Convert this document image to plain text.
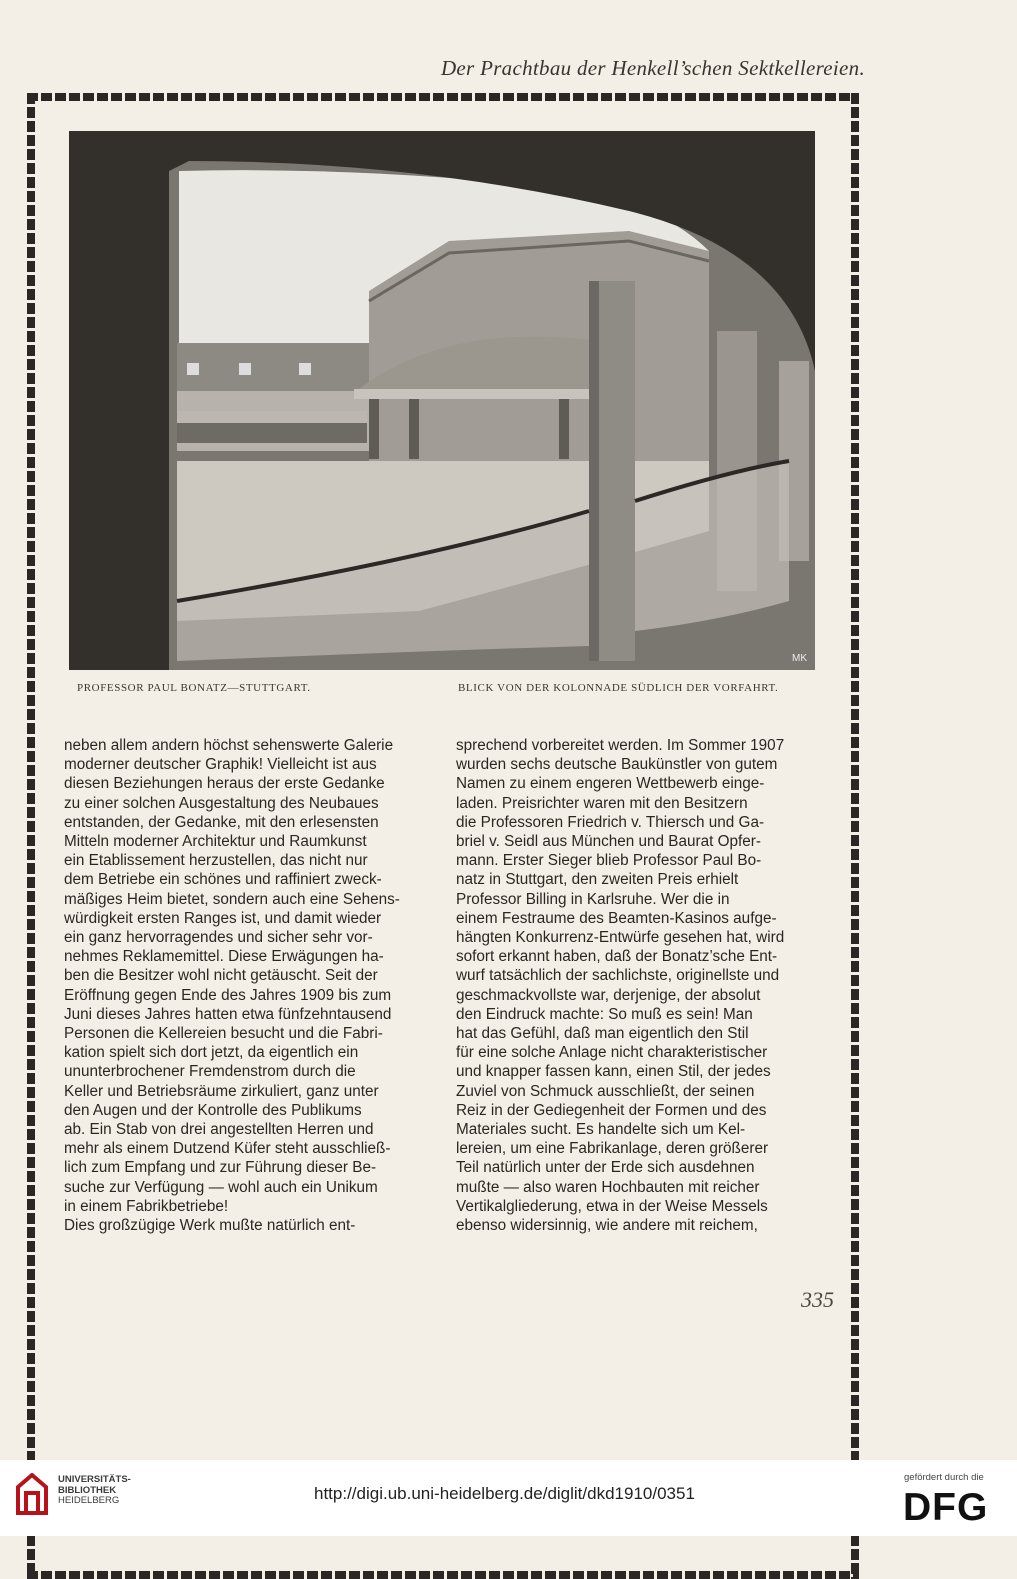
Der Prachtbau der Henkell’schen Sektkellereien.
MK
PROFESSOR PAUL BONATZ—STUTTGART.	BLICK VON DER KOLONNADE SÜDLICH DER VORFAHRT.
neben allem andern höchst sehenswerte Galerie
moderner deutscher Graphik! Vielleicht ist aus
diesen Beziehungen heraus der erste Gedanke
zu einer solchen Ausgestaltung des Neubaues
entstanden, der Gedanke, mit den erlesensten
Mitteln moderner Architektur und Raumkunst
ein Etablissement herzustellen, das nicht nur
dem Betriebe ein schönes und raffiniert zweck-
mäßiges Heim bietet, sondern auch eine Sehens-
würdigkeit ersten Ranges ist, und damit wieder
ein ganz hervorragendes und sicher sehr vor-
nehmes Reklamemittel. Diese Erwägungen ha-
ben die Besitzer wohl nicht getäuscht. Seit der
Eröffnung gegen Ende des Jahres 1909 bis zum
Juni dieses Jahres hatten etwa fünfzehntausend
Personen die Kellereien besucht und die Fabri-
kation spielt sich dort jetzt, da eigentlich ein
ununterbrochener Fremdenstrom durch die
Keller und Betriebsräume zirkuliert, ganz unter
den Augen und der Kontrolle des Publikums
ab. Ein Stab von drei angestellten Herren und
mehr als einem Dutzend Küfer steht ausschließ-
lich zum Empfang und zur Führung dieser Be-
suche zur Verfügung — wohl auch ein Unikum
in einem Fabrikbetriebe!
Dies großzügige Werk mußte natürlich ent-
sprechend vorbereitet werden. Im Sommer 1907
wurden sechs deutsche Baukünstler von gutem
Namen zu einem engeren Wettbewerb einge-
laden. Preisrichter waren mit den Besitzern
die Professoren Friedrich v. Thiersch und Ga-
briel v. Seidl aus München und Baurat Opfer-
mann. Erster Sieger blieb Professor Paul Bo-
natz in Stuttgart, den zweiten Preis erhielt
Professor Billing in Karlsruhe. Wer die in
einem Festraume des Beamten-Kasinos aufge-
hängten Konkurrenz-Entwürfe gesehen hat, wird
sofort erkannt haben, daß der Bonatz’sche Ent-
wurf tatsächlich der sachlichste, originellste und
geschmackvollste war, derjenige, der absolut
den Eindruck machte: So muß es sein! Man
hat das Gefühl, daß man eigentlich den Stil
für eine solche Anlage nicht charakteristischer
und knapper fassen kann, einen Stil, der jedes
Zuviel von Schmuck ausschließt, der seinen
Reiz in der Gediegenheit der Formen und des
Materiales sucht. Es handelte sich um Kel-
lereien, um eine Fabrikanlage, deren größerer
Teil natürlich unter der Erde sich ausdehnen
mußte — also waren Hochbauten mit reicher
Vertikalgliederung, etwa in der Weise Messels
ebenso widersinnig, wie andere mit reichem,
335
UNIVERSITÄTS-
BIBLIOTHEK
HEIDELBERG	http://digi.ub.uni-heidelberg.de/diglit/dkd1910/0351
gefördert durch die
DFG
